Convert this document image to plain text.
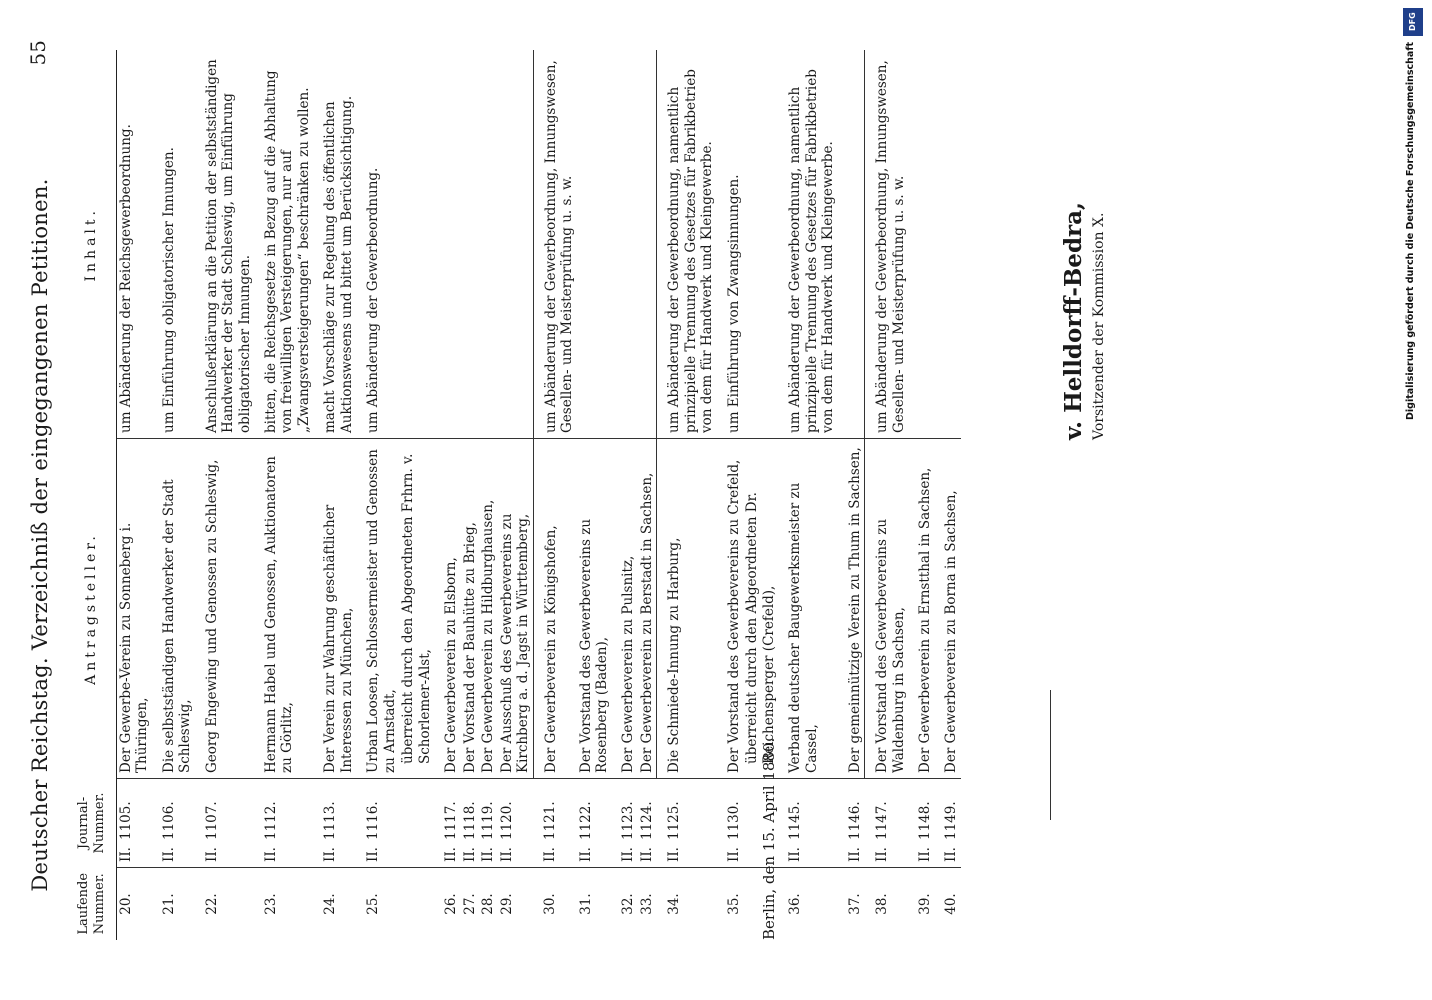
Deutscher Reichstag. Verzeichniß der eingegangenen Petitionen.
55
Laufende Nummer.	Journal-Nummer.	Antragsteller.	Inhalt.
20.	II.1105.	Der Gewerbe-Verein zu Sonneberg i. Thüringen,	um Abänderung der Reichsgewerbeordnung.
21.	II.1106.	Die selbstständigen Handwerker der Stadt Schleswig,	um Einführung obligatorischer Innungen.
22.	II.1107.	Georg Engewing und Genossen zu Schleswig,	Anschlußerklärung an die Petition der selbstständigen Handwerker der Stadt Schleswig, um Einführung obligatorischer Innungen.
23.	II.1112.	Hermann Habel und Genossen, Auktionatoren zu Görlitz,	bitten, die Reichsgesetze in Bezug auf die Abhaltung von freiwilligen Versteigerungen, nur auf „Zwangsversteigerungen“ beschränken zu wollen.
24.	II.1113.	Der Verein zur Wahrung geschäftlicher Interessen zu München,	macht Vorschläge zur Regelung des öffentlichen Auktionswesens und bittet um Berücksichtigung.
25.	II.1116.	Urban Loosen, Schlossermeister und Genossen zu Arnstadt,	um Abänderung der Gewerbeordnung.
		überreicht durch den Abgeordneten Frhrn. v. Schorlemer-Alst,	
26.	II.1117.	Der Gewerbeverein zu Elsborn,	
27.	II.1118.	Der Vorstand der Bauhütte zu Brieg,	
28.	II.1119.	Der Gewerbeverein zu Hildburghausen,	
29.	II.1120.	Der Ausschuß des Gewerbevereins zu Kirchberg a. d. Jagst in Württemberg,	
30.	II.1121.	Der Gewerbeverein zu Königshofen,	um Abänderung der Gewerbeordnung, Innungswesen, Gesellen- und Meisterprüfung u. s. w.
31.	II.1122.	Der Vorstand des Gewerbevereins zu Rosenberg (Baden),	
32.	II.1123.	Der Gewerbeverein zu Pulsnitz,	
33.	II.1124.	Der Gewerbeverein zu Berstadt in Sachsen,	
34.	II.1125.	Die Schmiede-Innung zu Harburg,	um Abänderung der Gewerbeordnung, namentlich prinzipielle Trennung des Gesetzes für Fabrikbetrieb von dem für Handwerk und Kleingewerbe.
35.	II.1130.	Der Vorstand des Gewerbevereins zu Crefeld,	um Einführung von Zwangsinnungen.
		überreicht durch den Abgeordneten Dr. Reichensperger (Crefeld),	
36.	II.1145.	Verband deutscher Baugewerksmeister zu Cassel,	um Abänderung der Gewerbeordnung, namentlich prinzipielle Trennung des Gesetzes für Fabrikbetrieb von dem für Handwerk und Kleingewerbe.
37.	II.1146.	Der gemeinnützige Verein zu Thum in Sachsen,	
38.	II.1147.	Der Vorstand des Gewerbevereins zu Waldenburg in Sachsen,	um Abänderung der Gewerbeordnung, Innungswesen, Gesellen- und Meisterprüfung u. s. w.
39.	II.1148.	Der Gewerbeverein zu Ernstthal in Sachsen,	
40.	II.1149.	Der Gewerbeverein zu Borna in Sachsen,	
Berlin, den 15. April 1880.
v. Helldorff-Bedra, Vorsitzender der Kommission X.
DFG
Digitalisierung gefördert durch die Deutsche Forschungsgemeinschaft
